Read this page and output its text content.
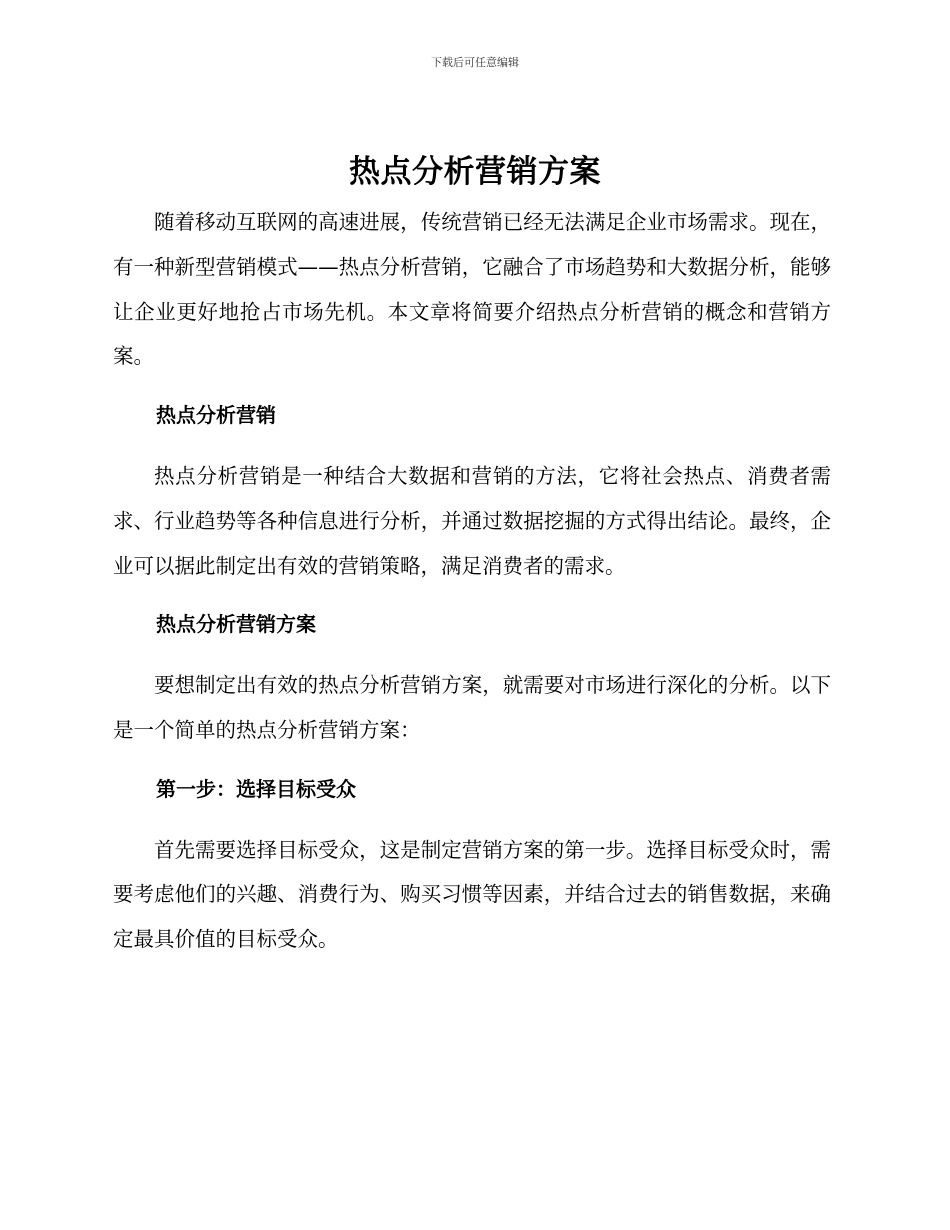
下载后可任意编辑
热点分析营销方案

随着移动互联网的高速进展，传统营销已经无法满足企业市场需求。现在，有一种新型营销模式——热点分析营销，它融合了市场趋势和大数据分析，能够让企业更好地抢占市场先机。本文章将简要介绍热点分析营销的概念和营销方案。

热点分析营销

热点分析营销是一种结合大数据和营销的方法，它将社会热点、消费者需求、行业趋势等各种信息进行分析，并通过数据挖掘的方式得出结论。最终，企业可以据此制定出有效的营销策略，满足消费者的需求。

热点分析营销方案

要想制定出有效的热点分析营销方案，就需要对市场进行深化的分析。以下是一个简单的热点分析营销方案：

第一步：选择目标受众

首先需要选择目标受众，这是制定营销方案的第一步。选择目标受众时，需要考虑他们的兴趣、消费行为、购买习惯等因素，并结合过去的销售数据，来确定最具价值的目标受众。
